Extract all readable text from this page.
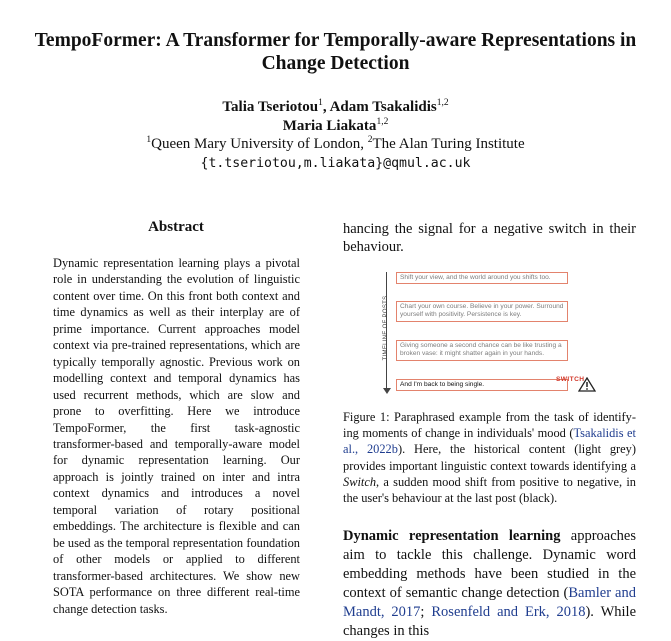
TempoFormer: A Transformer for Temporally-aware Representations in Change Detection
Talia Tseriotou$^1$, Adam Tsakalidis$^{1,2}$
Maria Liakata$^{1,2}$
$^1$Queen Mary University of London, $^2$The Alan Turing Institute
{t.tseriotou,m.liakata}@qmul.ac.uk
Abstract
Dynamic representation learning plays a pivotal role in understanding the evolution of linguistic content over time. On this front both context and time dynamics as well as their interplay are of prime importance. Current approaches model context via pre-trained representations, which are typically temporally agnostic. Previous work on modelling context and temporal dynamics has used recurrent methods, which are slow and prone to overfitting. Here we introduce TempoFormer, the first task-agnostic transformer-based and temporally-aware model for dynamic representation learning. Our approach is jointly trained on inter and intra context dynamics and introduces a novel temporal variation of rotary positional embeddings. The architecture is flexible and can be used as the temporal representation foundation of other models or applied to different transformer-based architectures. We show new SOTA performance on three different real-time change detection tasks.
hancing the signal for a negative switch in their behaviour.
TIMELINE OF POSTS
Shift your view, and the world around you shifts too.
Chart your own course. Believe in your power. Surround yourself with positivity. Persistence is key.
Giving someone a second chance can be like trusting a broken vase: it might shatter again in your hands.
And I'm back to being single.
SWITCH
Figure 1: Paraphrased example from the task of identifying moments of change in individuals' mood (Tsakalidis et al., 2022b). Here, the historical content (light grey) provides important linguistic context towards identifying a Switch, a sudden mood shift from positive to negative, in the user's behaviour at the last post (black).
Dynamic representation learning approaches aim to tackle this challenge. Dynamic word embedding methods have been studied in the context of semantic change detection (Bamler and Mandt, 2017; Rosenfeld and Erk, 2018). While changes in this
